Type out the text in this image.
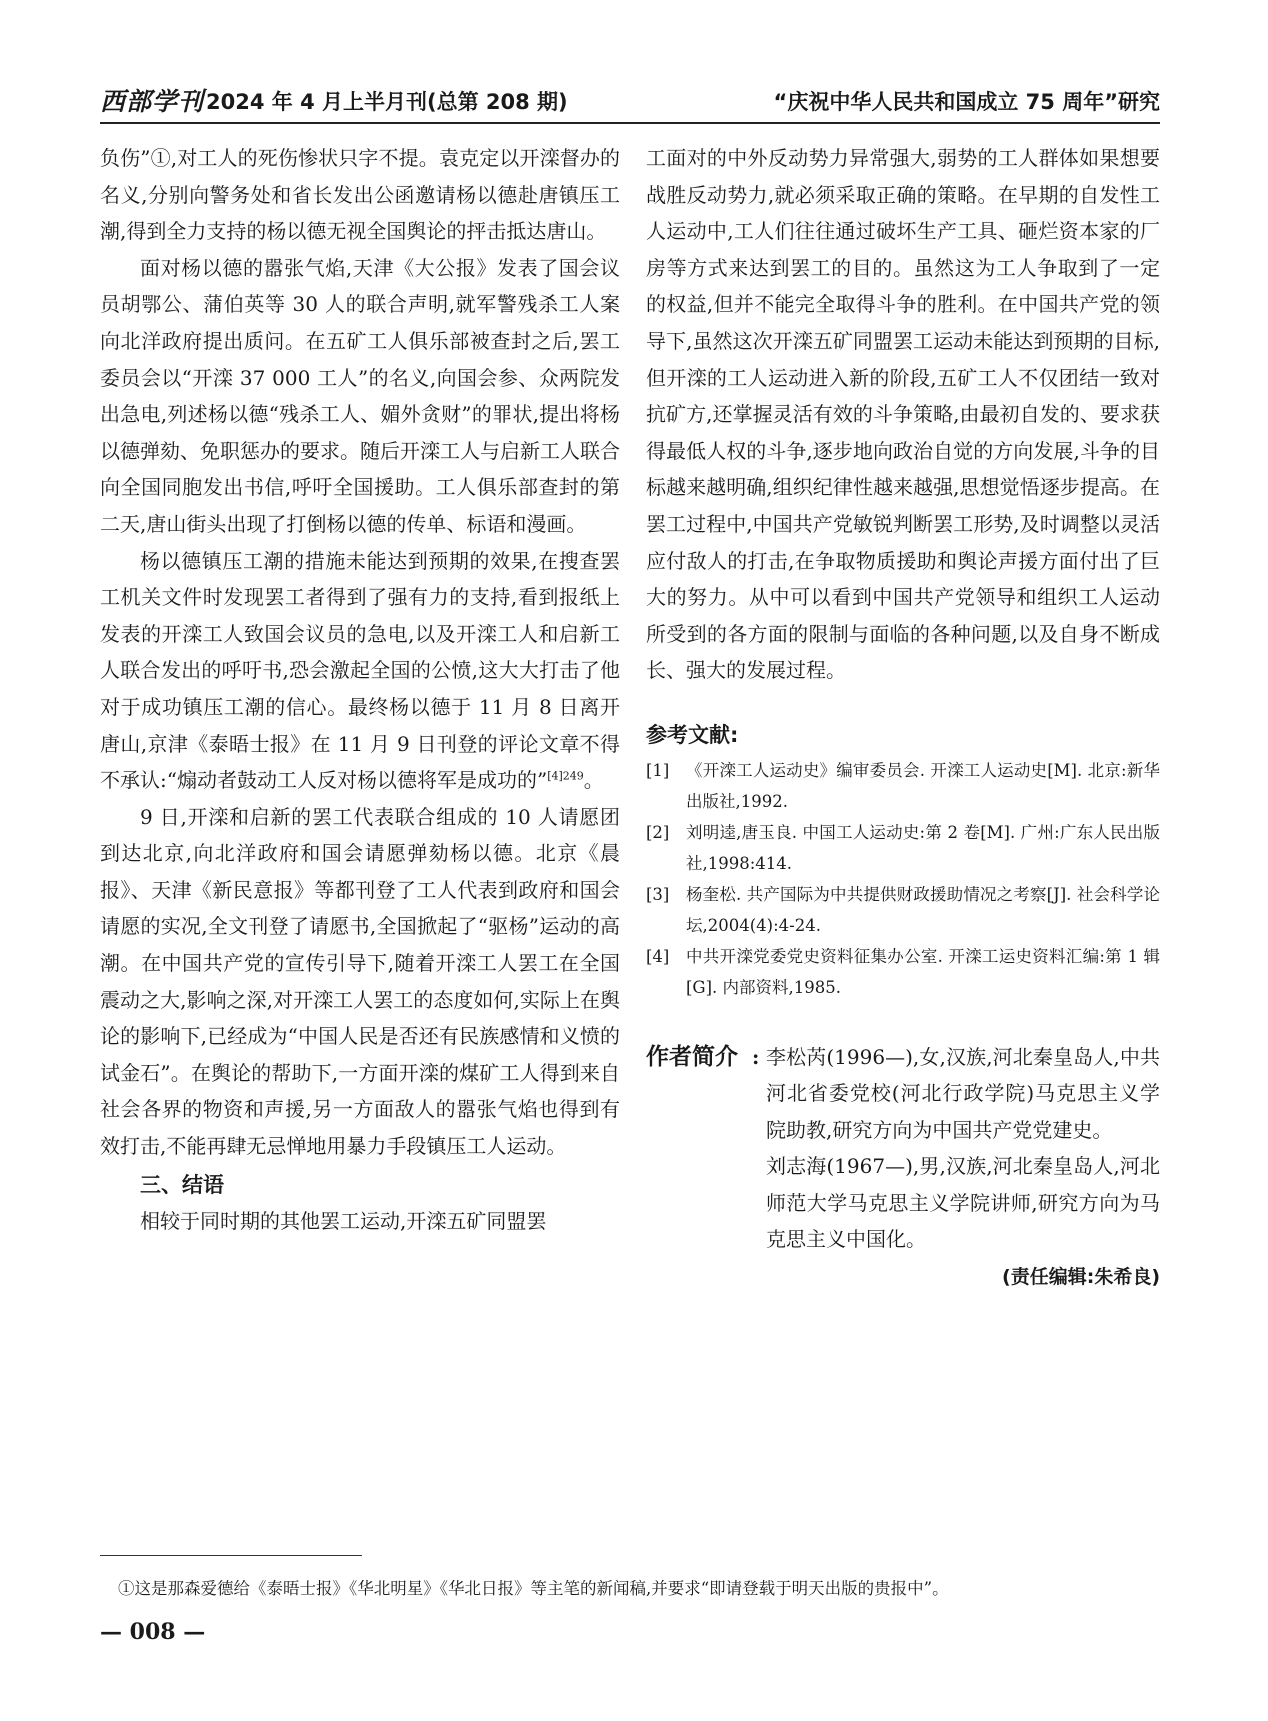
西部学刊 2024 年 4 月上半月刊(总第 208 期)	“庆祝中华人民共和国成立 75 周年”研究

负伤”①,对工人的死伤惨状只字不提。袁克定以开滦督办的名义,分别向警务处和省长发出公函邀请杨以德赴唐镇压工潮,得到全力支持的杨以德无视全国舆论的抨击抵达唐山。

面对杨以德的嚣张气焰,天津《大公报》发表了国会议员胡鄂公、蒲伯英等 30 人的联合声明,就军警残杀工人案向北洋政府提出质问。在五矿工人俱乐部被查封之后,罢工委员会以“开滦 37 000 工人”的名义,向国会参、众两院发出急电,列述杨以德“残杀工人、媚外贪财”的罪状,提出将杨以德弹劾、免职惩办的要求。随后开滦工人与启新工人联合向全国同胞发出书信,呼吁全国援助。工人俱乐部查封的第二天,唐山街头出现了打倒杨以德的传单、标语和漫画。

杨以德镇压工潮的措施未能达到预期的效果,在搜查罢工机关文件时发现罢工者得到了强有力的支持,看到报纸上发表的开滦工人致国会议员的急电,以及开滦工人和启新工人联合发出的呼吁书,恐会激起全国的公愤,这大大打击了他对于成功镇压工潮的信心。最终杨以德于 11 月 8 日离开唐山,京津《泰晤士报》在 11 月 9 日刊登的评论文章不得不承认:“煽动者鼓动工人反对杨以德将军是成功的”$^{[4]249}$。

9 日,开滦和启新的罢工代表联合组成的 10 人请愿团到达北京,向北洋政府和国会请愿弹劾杨以德。北京《晨报》、天津《新民意报》等都刊登了工人代表到政府和国会请愿的实况,全文刊登了请愿书,全国掀起了“驱杨”运动的高潮。在中国共产党的宣传引导下,随着开滦工人罢工在全国震动之大,影响之深,对开滦工人罢工的态度如何,实际上在舆论的影响下,已经成为“中国人民是否还有民族感情和义愤的试金石”。在舆论的帮助下,一方面开滦的煤矿工人得到来自社会各界的物资和声援,另一方面敌人的嚣张气焰也得到有效打击,不能再肆无忌惮地用暴力手段镇压工人运动。

三、结语

相较于同时期的其他罢工运动,开滦五矿同盟罢

工面对的中外反动势力异常强大,弱势的工人群体如果想要战胜反动势力,就必须采取正确的策略。在早期的自发性工人运动中,工人们往往通过破坏生产工具、砸烂资本家的厂房等方式来达到罢工的目的。虽然这为工人争取到了一定的权益,但并不能完全取得斗争的胜利。在中国共产党的领导下,虽然这次开滦五矿同盟罢工运动未能达到预期的目标,但开滦的工人运动进入新的阶段,五矿工人不仅团结一致对抗矿方,还掌握灵活有效的斗争策略,由最初自发的、要求获得最低人权的斗争,逐步地向政治自觉的方向发展,斗争的目标越来越明确,组织纪律性越来越强,思想觉悟逐步提高。在罢工过程中,中国共产党敏锐判断罢工形势,及时调整以灵活应付敌人的打击,在争取物质援助和舆论声援方面付出了巨大的努力。从中可以看到中国共产党领导和组织工人运动所受到的各方面的限制与面临的各种问题,以及自身不断成长、强大的发展过程。

参考文献:
[1]	《开滦工人运动史》编审委员会. 开滦工人运动史[M]. 北京:新华出版社,1992.
[2]	刘明逵,唐玉良. 中国工人运动史:第 2 卷[M]. 广州:广东人民出版社,1998:414.
[3]	杨奎松. 共产国际为中共提供财政援助情况之考察[J]. 社会科学论坛,2004(4):4-24.
[4]	中共开滦党委党史资料征集办公室. 开滦工运史资料汇编:第 1 辑[G]. 内部资料,1985.
作者简介 : 李松芮(1996—),女,汉族,河北秦皇岛人,中共河北省委党校(河北行政学院)马克思主义学院助教,研究方向为中国共产党党建史。

刘志海(1967—),男,汉族,河北秦皇岛人,河北师范大学马克思主义学院讲师,研究方向为马克思主义中国化。

(责任编辑:朱希良)
①这是那森爱德给《泰晤士报》《华北明星》《华北日报》等主笔的新闻稿,并要求“即请登载于明天出版的贵报中”。
— 008 —
